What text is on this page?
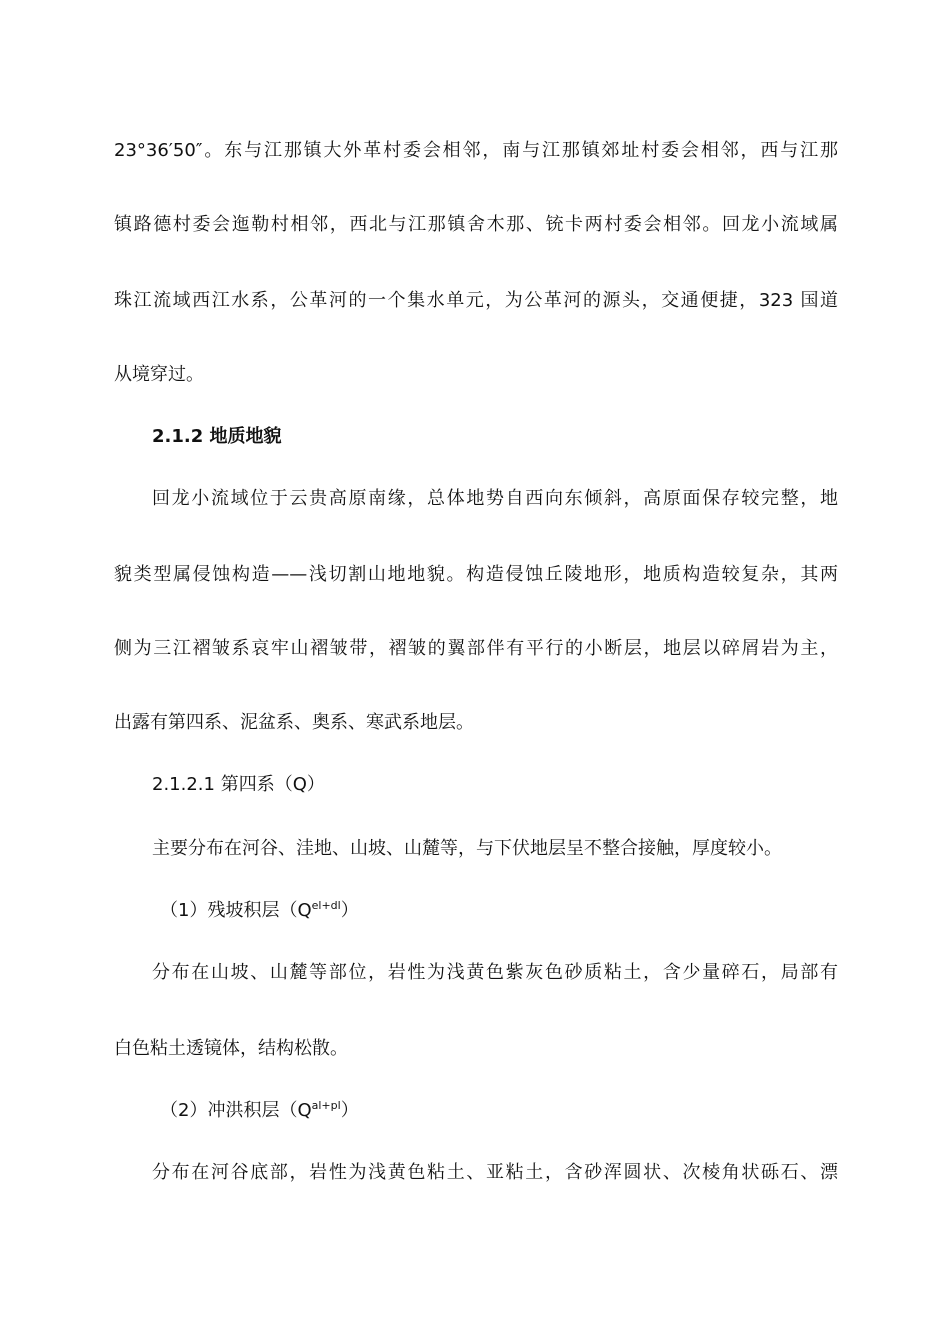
23°36′50″。东与江那镇大外革村委会相邻，南与江那镇郊址村委会相邻，西与江那
镇路德村委会迤勒村相邻，西北与江那镇舍木那、铳卡两村委会相邻。回龙小流域属
珠江流域西江水系，公革河的一个集水单元，为公革河的源头，交通便捷，323 国道
从境穿过。
2.1.2 地质地貌
回龙小流域位于云贵高原南缘，总体地势自西向东倾斜，高原面保存较完整，地
貌类型属侵蚀构造——浅切割山地地貌。构造侵蚀丘陵地形，地质构造较复杂，其两
侧为三江褶皱系哀牢山褶皱带，褶皱的翼部伴有平行的小断层，地层以碎屑岩为主，
出露有第四系、泥盆系、奥系、寒武系地层。
2.1.2.1 第四系（Q）
主要分布在河谷、洼地、山坡、山麓等，与下伏地层呈不整合接触，厚度较小。
（1）残坡积层$(Q^{el+dl})$
分布在山坡、山麓等部位，岩性为浅黄色紫灰色砂质粘土，含少量碎石，局部有
白色粘土透镜体，结构松散。
（2）冲洪积层$(Q^{al+pl})$
分布在河谷底部，岩性为浅黄色粘土、亚粘土，含砂浑圆状、次棱角状砾石、漂
